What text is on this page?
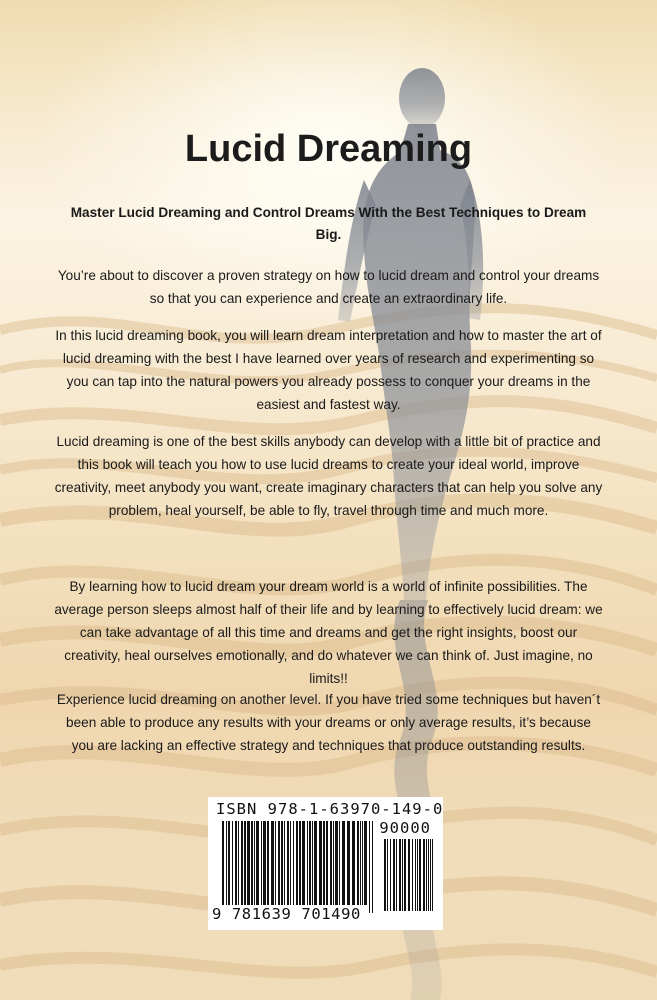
Lucid Dreaming

Master Lucid Dreaming and Control Dreams With the Best Techniques to Dream Big.

You’re about to discover a proven strategy on how to lucid dream and control your dreams so that you can experience and create an extraordinary life.

In this lucid dreaming book, you will learn dream interpretation and how to master the art of lucid dreaming with the best I have learned over years of research and experimenting so you can tap into the natural powers you already possess to conquer your dreams in the easiest and fastest way.

Lucid dreaming is one of the best skills anybody can develop with a little bit of practice and this book will teach you how to use lucid dreams to create your ideal world, improve creativity, meet anybody you want, create imaginary characters that can help you solve any problem, heal yourself, be able to fly, travel through time and much more.

By learning how to lucid dream your dream world is a world of infinite possibilities. The average person sleeps almost half of their life and by learning to effectively lucid dream: we can take advantage of all this time and dreams and get the right insights, boost our creativity, heal ourselves emotionally, and do whatever we can think of. Just imagine, no limits!!

Experience lucid dreaming on another level. If you have tried some techniques but haven´t been able to produce any results with your dreams or only average results, it’s because you are lacking an effective strategy and techniques that produce outstanding results.

ISBN 978-1-63970-149-0
90000
9 781639 701490
